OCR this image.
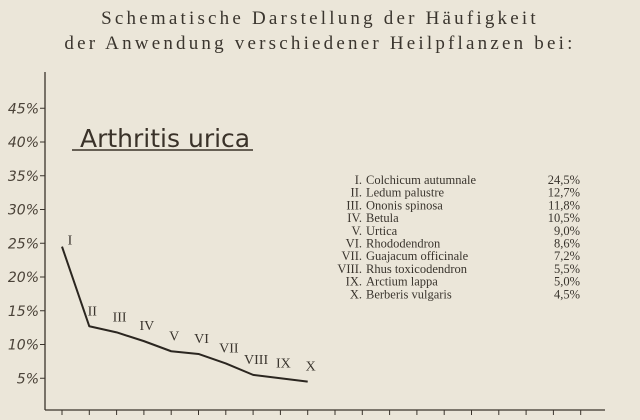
Schematische Darstellung der Häufigkeit
der Anwendung verschiedener Heilpflanzen bei:
5%
10%
15%
20%
25%
30%
35%
40%
45%
Arthritis urica
I
II III
IV
V VI
VII
VIII IX X
I. Colchicum autumnale	24,5%
II. Ledum palustre	12,7%
III. Ononis spinosa	11,8%
IV. Betula	10,5%
V. Urtica	9,0%
VI. Rhododendron	8,6%
VII. Guajacum officinale	7,2%
VIII. Rhus toxicodendron	5,5%
IX. Arctium lappa	5,0%
X. Berberis vulgaris	4,5%
